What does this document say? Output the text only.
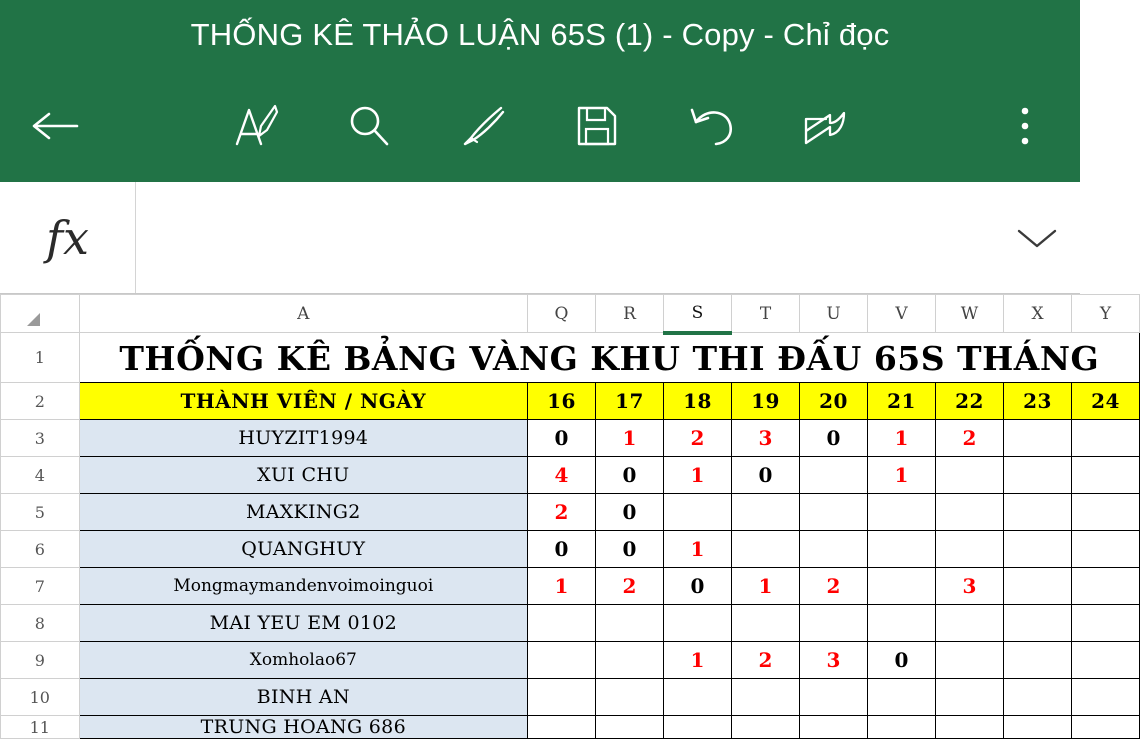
THỐNG KÊ THẢO LUẬN 65S (1) - Copy - Chỉ đọc
fx
	A	Q	R	S	T	U	V	W	X	Y
1	THỐNG KÊ BẢNG VÀNG KHU THI ĐẤU 65S THÁNG									
2	THÀNH VIÊN / NGÀY	16	17	18	19	20	21	22	23	24
3	HUYZIT1994	0	1	2	3	0	1	2		
4	XUI CHU	4	0	1	0		1			
5	MAXKING2	2	0							
6	QUANGHUY	0	0	1						
7	Mongmaymandenvoimoinguoi	1	2	0	1	2		3		
8	MAI YEU EM 0102									
9	Xomholao67			1	2	3	0			
10	BINH AN									
11	TRUNG HOANG 686									
